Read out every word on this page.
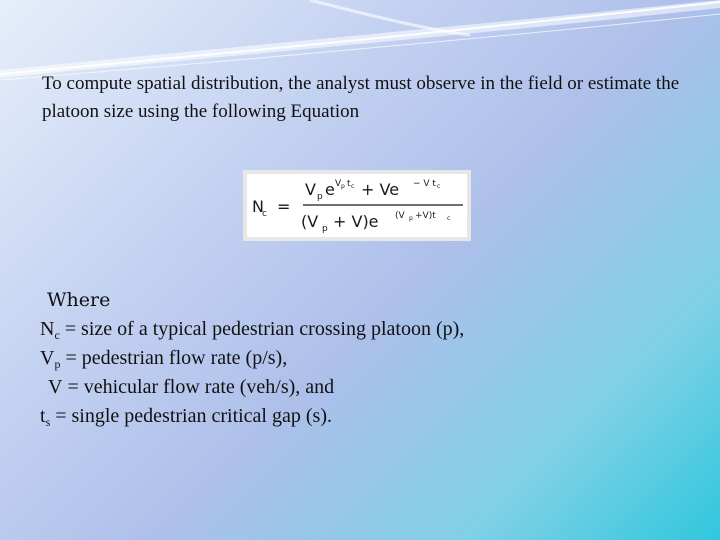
To compute spatial distribution, the analyst must observe in the field or estimate the platoon size using the following Equation
N
c =
V p e V p t c + Ve − V t c
(V p + V)e (V p +V)t c
Where
$N_c$ = size of a typical pedestrian crossing platoon (p),
$V_p$ = pedestrian flow rate (p/s),
V = vehicular flow rate (veh/s), and
$t_s$ = single pedestrian critical gap (s).
